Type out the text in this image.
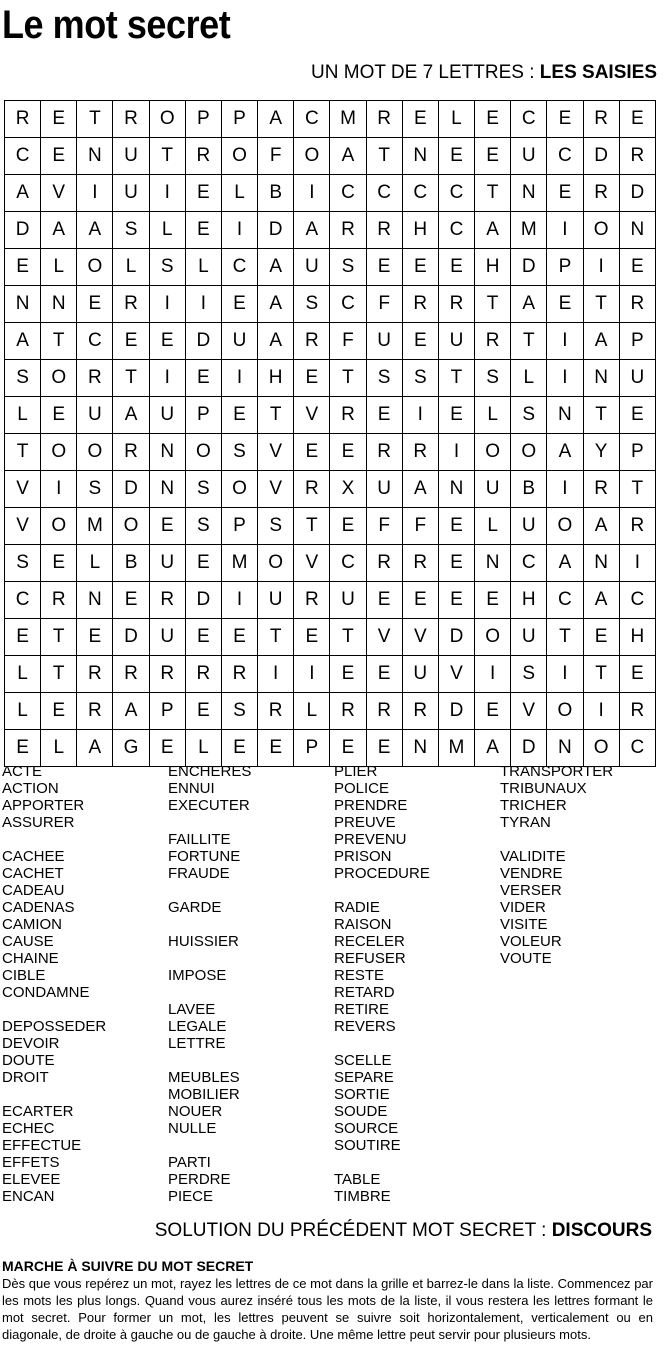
Le mot secret
UN MOT DE 7 LETTRES : LES SAISIES
R	E	T	R	O	P	P	A	C	M	R	E	L	E	C	E	R	E
C	E	N	U	T	R	O	F	O	A	T	N	E	E	U	C	D	R
A	V	I	U	I	E	L	B	I	C	C	C	C	T	N	E	R	D
D	A	A	S	L	E	I	D	A	R	R	H	C	A	M	I	O	N
E	L	O	L	S	L	C	A	U	S	E	E	E	H	D	P	I	E
N	N	E	R	I	I	E	A	S	C	F	R	R	T	A	E	T	R
A	T	C	E	E	D	U	A	R	F	U	E	U	R	T	I	A	P
S	O	R	T	I	E	I	H	E	T	S	S	T	S	L	I	N	U
L	E	U	A	U	P	E	T	V	R	E	I	E	L	S	N	T	E
T	O	O	R	N	O	S	V	E	E	R	R	I	O	O	A	Y	P
V	I	S	D	N	S	O	V	R	X	U	A	N	U	B	I	R	T
V	O	M	O	E	S	P	S	T	E	F	F	E	L	U	O	A	R
S	E	L	B	U	E	M	O	V	C	R	R	E	N	C	A	N	I
C	R	N	E	R	D	I	U	R	U	E	E	E	E	H	C	A	C
E	T	E	D	U	E	E	T	E	T	V	V	D	O	U	T	E	H
L	T	R	R	R	R	R	I	I	E	E	U	V	I	S	I	T	E
L	E	R	A	P	E	S	R	L	R	R	R	D	E	V	O	I	R
E	L	A	G	E	L	E	E	P	E	E	N	M	A	D	N	O	C
ACTE
ACTION
APPORTER
ASSURER
CACHEE
CACHET
CADEAU
CADENAS
CAMION
CAUSE
CHAINE
CIBLE
CONDAMNE
DEPOSSEDER
DEVOIR
DOUTE
DROIT
ECARTER
ECHEC
EFFECTUE
EFFETS
ELEVEE
ENCAN
ENCHERES
ENNUI
EXECUTER
FAILLITE
FORTUNE
FRAUDE
GARDE
HUISSIER
IMPOSE
LAVEE
LEGALE
LETTRE
MEUBLES
MOBILIER
NOUER
NULLE
PARTI
PERDRE
PIECE
PLIER
POLICE
PRENDRE
PREUVE
PREVENU
PRISON
PROCEDURE
RADIE
RAISON
RECELER
REFUSER
RESTE
RETARD
RETIRE
REVERS
SCELLE
SEPARE
SORTIE
SOUDE
SOURCE
SOUTIRE
TABLE
TIMBRE
TRANSPORTER
TRIBUNAUX
TRICHER
TYRAN
VALIDITE
VENDRE
VERSER
VIDER
VISITE
VOLEUR
VOUTE
SOLUTION DU PRÉCÉDENT MOT SECRET : DISCOURS
MARCHE À SUIVRE DU MOT SECRET
Dès que vous repérez un mot, rayez les lettres de ce mot dans la grille et barrez-le dans la liste. Commencez par les mots les plus longs. Quand vous aurez inséré tous les mots de la liste, il vous restera les lettres formant le mot secret. Pour former un mot, les lettres peuvent se suivre soit horizontalement, verticalement ou en diagonale, de droite à gauche ou de gauche à droite. Une même lettre peut servir pour plusieurs mots.
